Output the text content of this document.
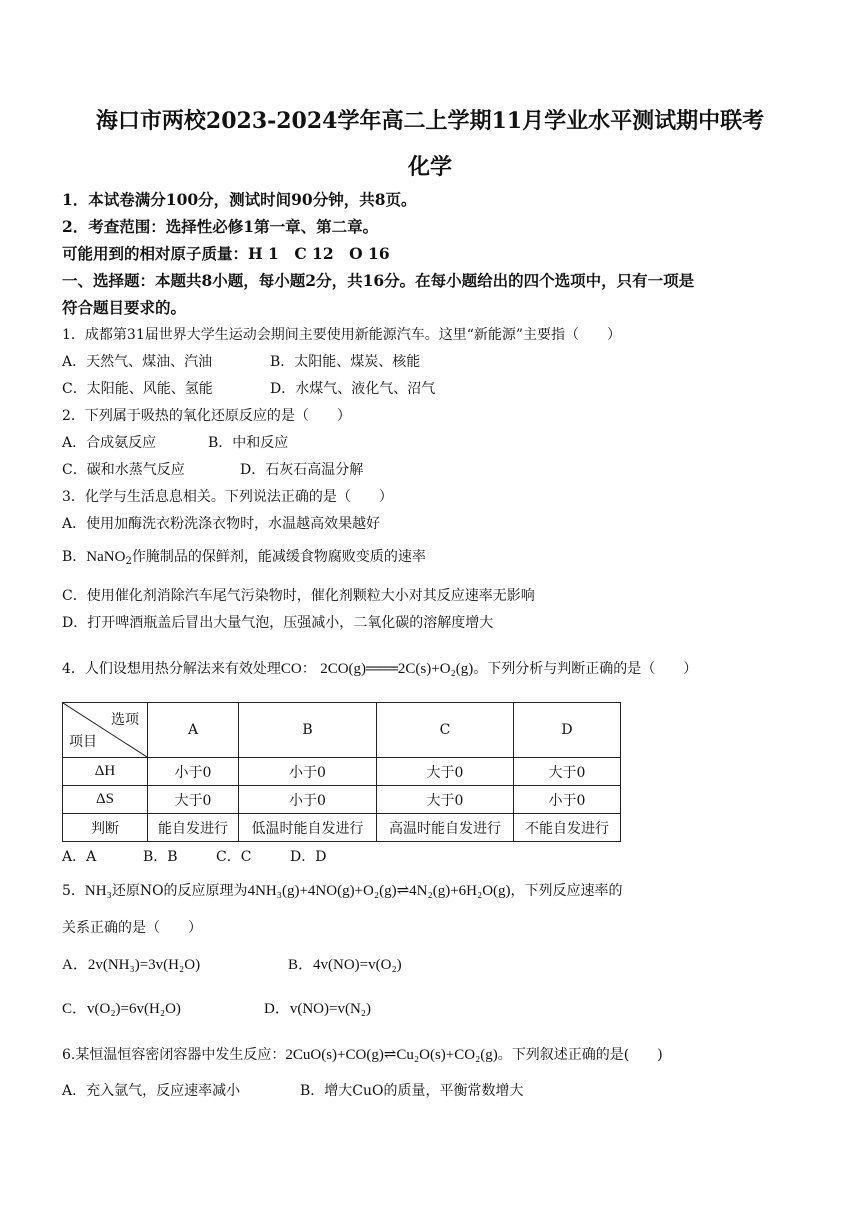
海口市两校2023-2024学年高二上学期11月学业水平测试期中联考
化学
1．本试卷满分100分，测试时间90分钟，共8页。
2．考查范围：选择性必修1第一章、第二章。
可能用到的相对原子质量：H 1　C 12　O 16
一、选择题：本题共8小题，每小题2分，共16分。在每小题给出的四个选项中，只有一项是
符合题目要求的。
1．成都第31届世界大学生运动会期间主要使用新能源汽车。这里“新能源”主要指（　　）
A．天然气、煤油、汽油	B．太阳能、煤炭、核能
C．太阳能、风能、氢能	D．水煤气、液化气、沼气
2．下列属于吸热的氧化还原反应的是（　　）
A．合成氨反应	B．中和反应
C．碳和水蒸气反应	D．石灰石高温分解
3．化学与生活息息相关。下列说法正确的是（　　）
A．使用加酶洗衣粉洗涤衣物时，水温越高效果越好
B．NaNO$_2$作腌制品的保鲜剂，能减缓食物腐败变质的速率
C．使用催化剂消除汽车尾气污染物时，催化剂颗粒大小对其反应速率无影响
D．打开啤酒瓶盖后冒出大量气泡，压强减小，二氧化碳的溶解度增大
4．人们设想用热分解法来有效处理CO： 2CO(g)═══2C(s)+O₂(g)。下列分析与判断正确的是（　　）
选项
项目	A	B	C	D
ΔH	小于0	小于0	大于0	大于0
ΔS	大于0	小于0	大于0	小于0
判断	能自发进行	低温时能自发进行	高温时能自发进行	不能自发进行
A．A	B．B	C．C	D．D
5．NH₃还原NO的反应原理为4NH₃(g)+4NO(g)+O₂(g)⇌4N₂(g)+6H₂O(g)，下列反应速率的
关系正确的是（　　）
A．2v(NH₃)=3v(H₂O)	B．4v(NO)=v(O₂)
C．v(O₂)=6v(H₂O)	D．v(NO)=v(N₂)
6.某恒温恒容密闭容器中发生反应：2CuO(s)+CO(g)⇌Cu₂O(s)+CO₂(g)。下列叙述正确的是(　　)
A．充入氩气，反应速率减小	B．增大CuO的质量，平衡常数增大
